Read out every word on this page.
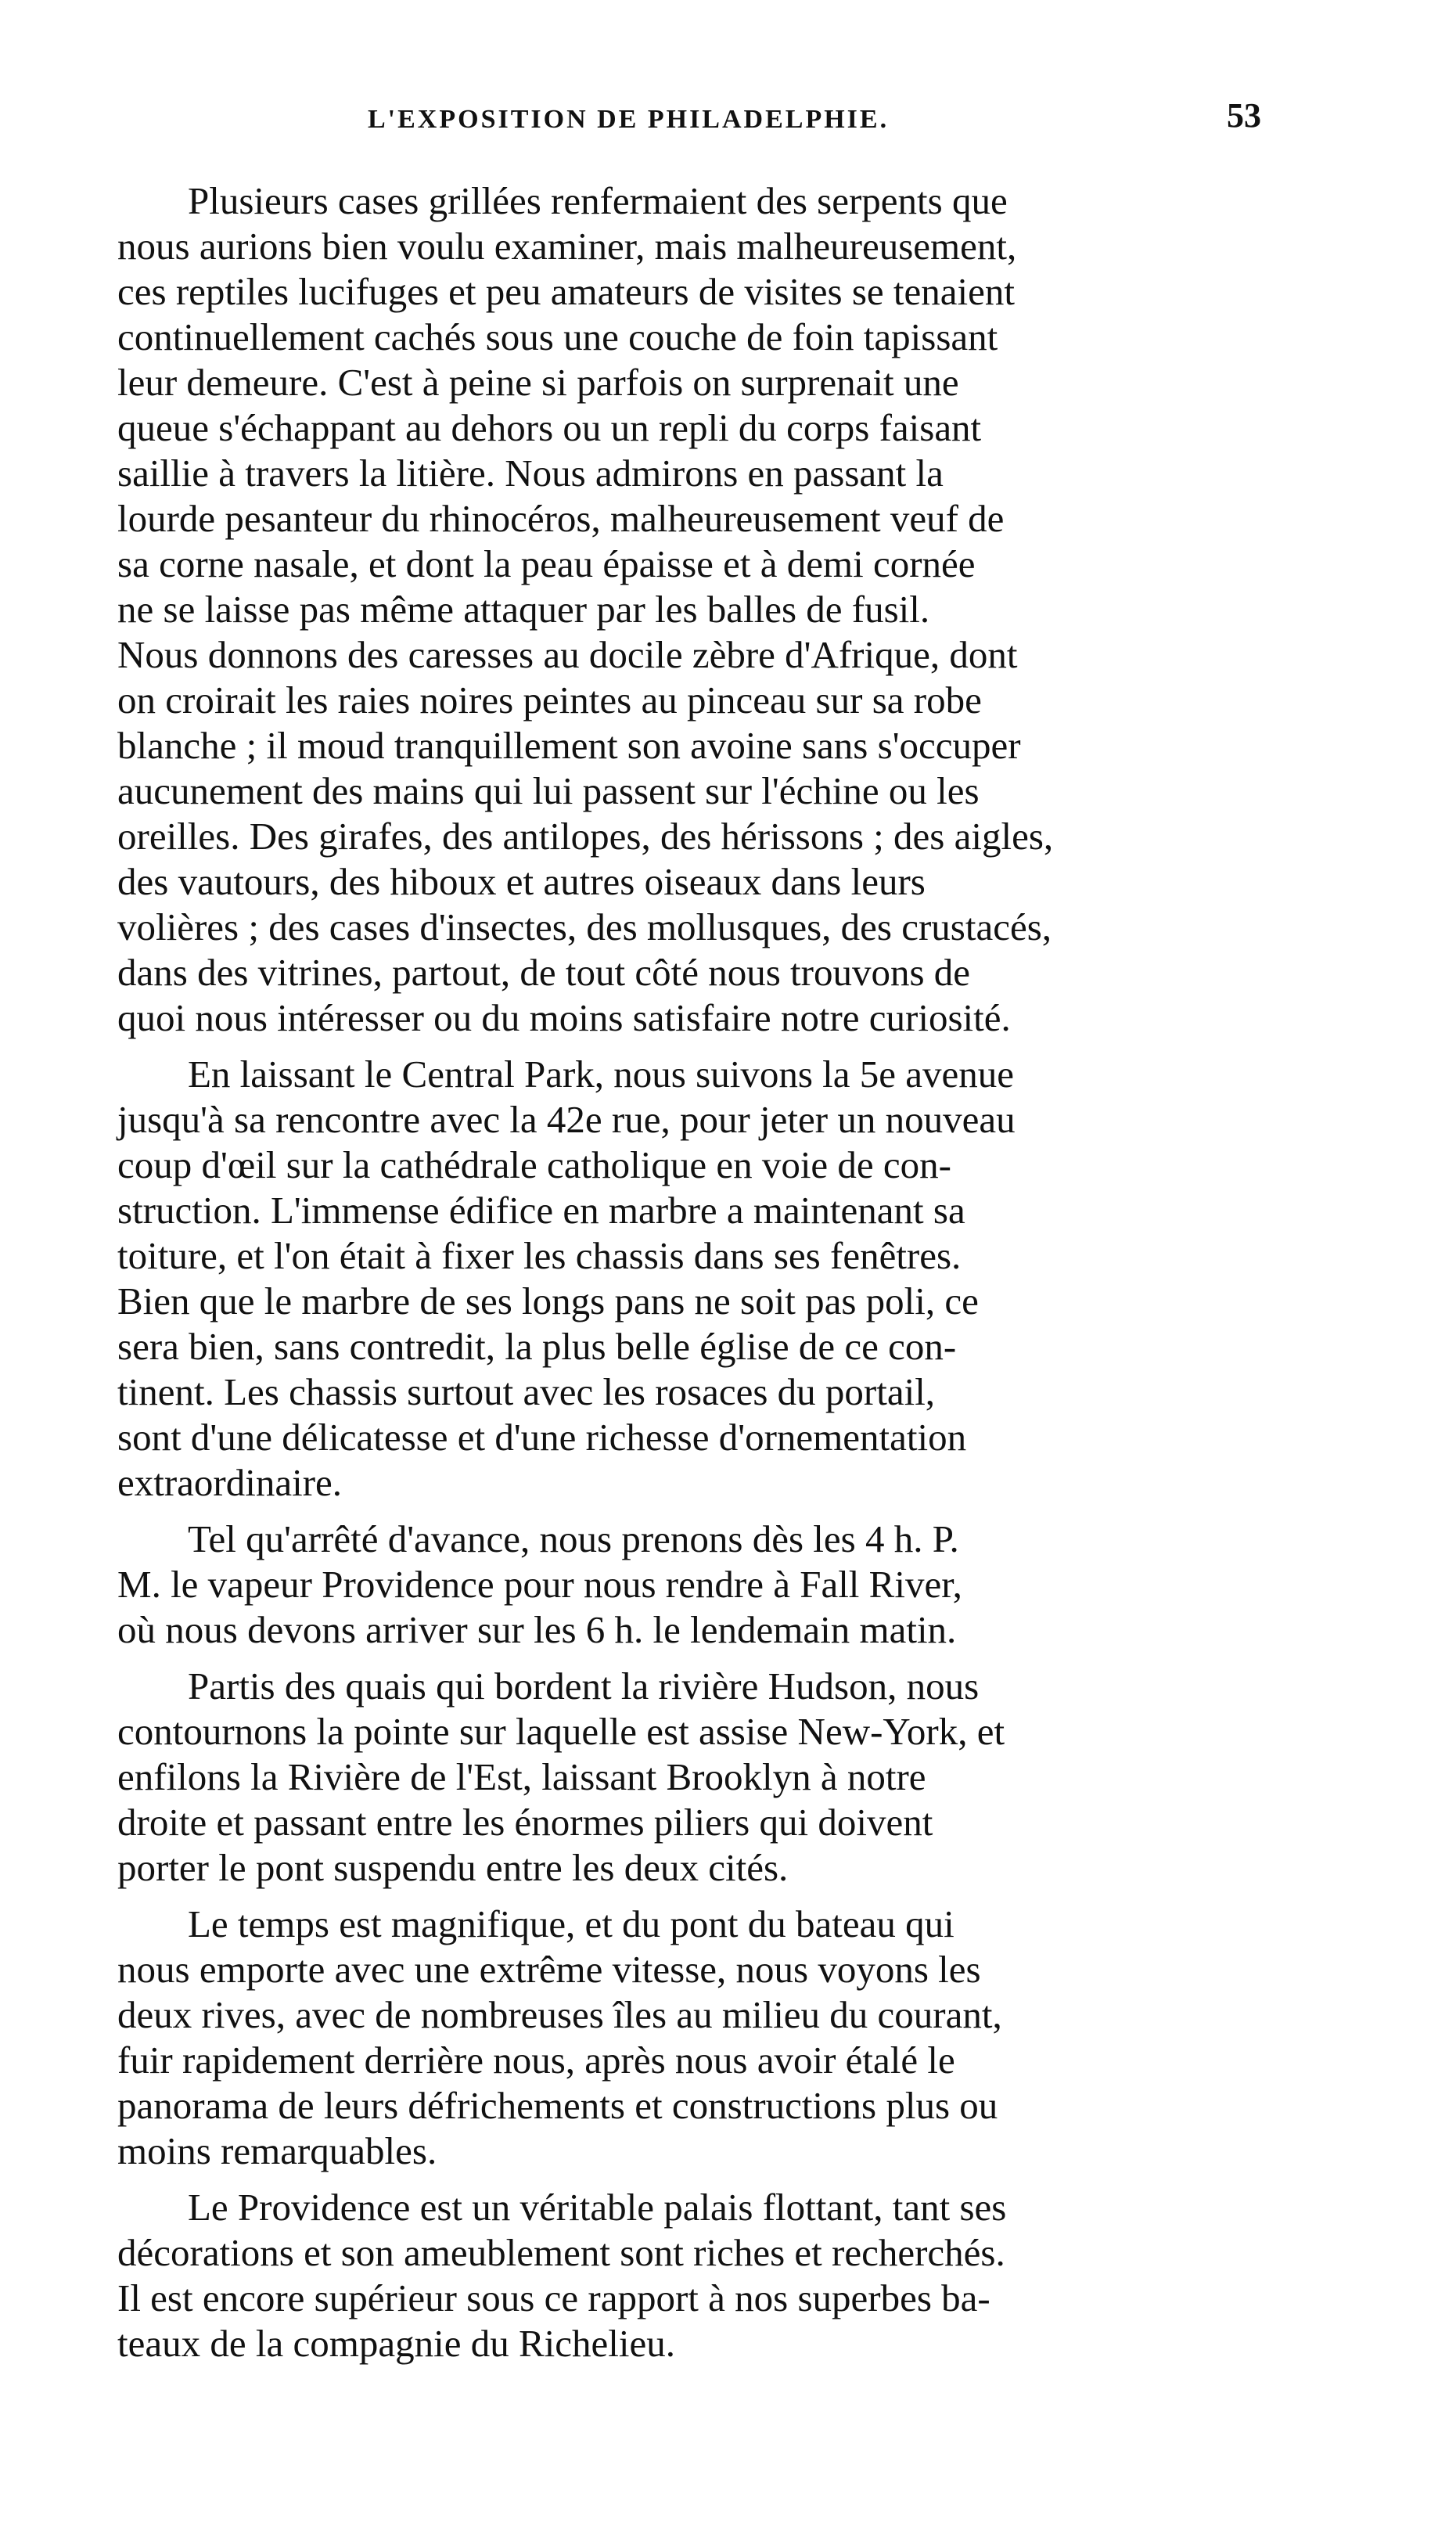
L'EXPOSITION DE PHILADELPHIE.	53
Plusieurs cases grillées renfermaient des serpents que
nous aurions bien voulu examiner, mais malheureusement,
ces reptiles lucifuges et peu amateurs de visites se tenaient
continuellement cachés sous une couche de foin tapissant
leur demeure. C'est à peine si parfois on surprenait une
queue s'échappant au dehors ou un repli du corps faisant
saillie à travers la litière. Nous admirons en passant la
lourde pesanteur du rhinocéros, malheureusement veuf de
sa corne nasale, et dont la peau épaisse et à demi cornée
ne se laisse pas même attaquer par les balles de fusil.
Nous donnons des caresses au docile zèbre d'Afrique, dont
on croirait les raies noires peintes au pinceau sur sa robe
blanche ; il moud tranquillement son avoine sans s'occuper
aucunement des mains qui lui passent sur l'échine ou les
oreilles. Des girafes, des antilopes, des hérissons ; des aigles,
des vautours, des hiboux et autres oiseaux dans leurs
volières ; des cases d'insectes, des mollusques, des crustacés,
dans des vitrines, partout, de tout côté nous trouvons de
quoi nous intéresser ou du moins satisfaire notre curiosité.
En laissant le Central Park, nous suivons la 5e avenue
jusqu'à sa rencontre avec la 42e rue, pour jeter un nouveau
coup d'œil sur la cathédrale catholique en voie de con-
struction. L'immense édifice en marbre a maintenant sa
toiture, et l'on était à fixer les chassis dans ses fenêtres.
Bien que le marbre de ses longs pans ne soit pas poli, ce
sera bien, sans contredit, la plus belle église de ce con-
tinent. Les chassis surtout avec les rosaces du portail,
sont d'une délicatesse et d'une richesse d'ornementation
extraordinaire.
Tel qu'arrêté d'avance, nous prenons dès les 4 h. P.
M. le vapeur Providence pour nous rendre à Fall River,
où nous devons arriver sur les 6 h. le lendemain matin.
Partis des quais qui bordent la rivière Hudson, nous
contournons la pointe sur laquelle est assise New-York, et
enfilons la Rivière de l'Est, laissant Brooklyn à notre
droite et passant entre les énormes piliers qui doivent
porter le pont suspendu entre les deux cités.
Le temps est magnifique, et du pont du bateau qui
nous emporte avec une extrême vitesse, nous voyons les
deux rives, avec de nombreuses îles au milieu du courant,
fuir rapidement derrière nous, après nous avoir étalé le
panorama de leurs défrichements et constructions plus ou
moins remarquables.
Le Providence est un véritable palais flottant, tant ses
décorations et son ameublement sont riches et recherchés.
Il est encore supérieur sous ce rapport à nos superbes ba-
teaux de la compagnie du Richelieu.
